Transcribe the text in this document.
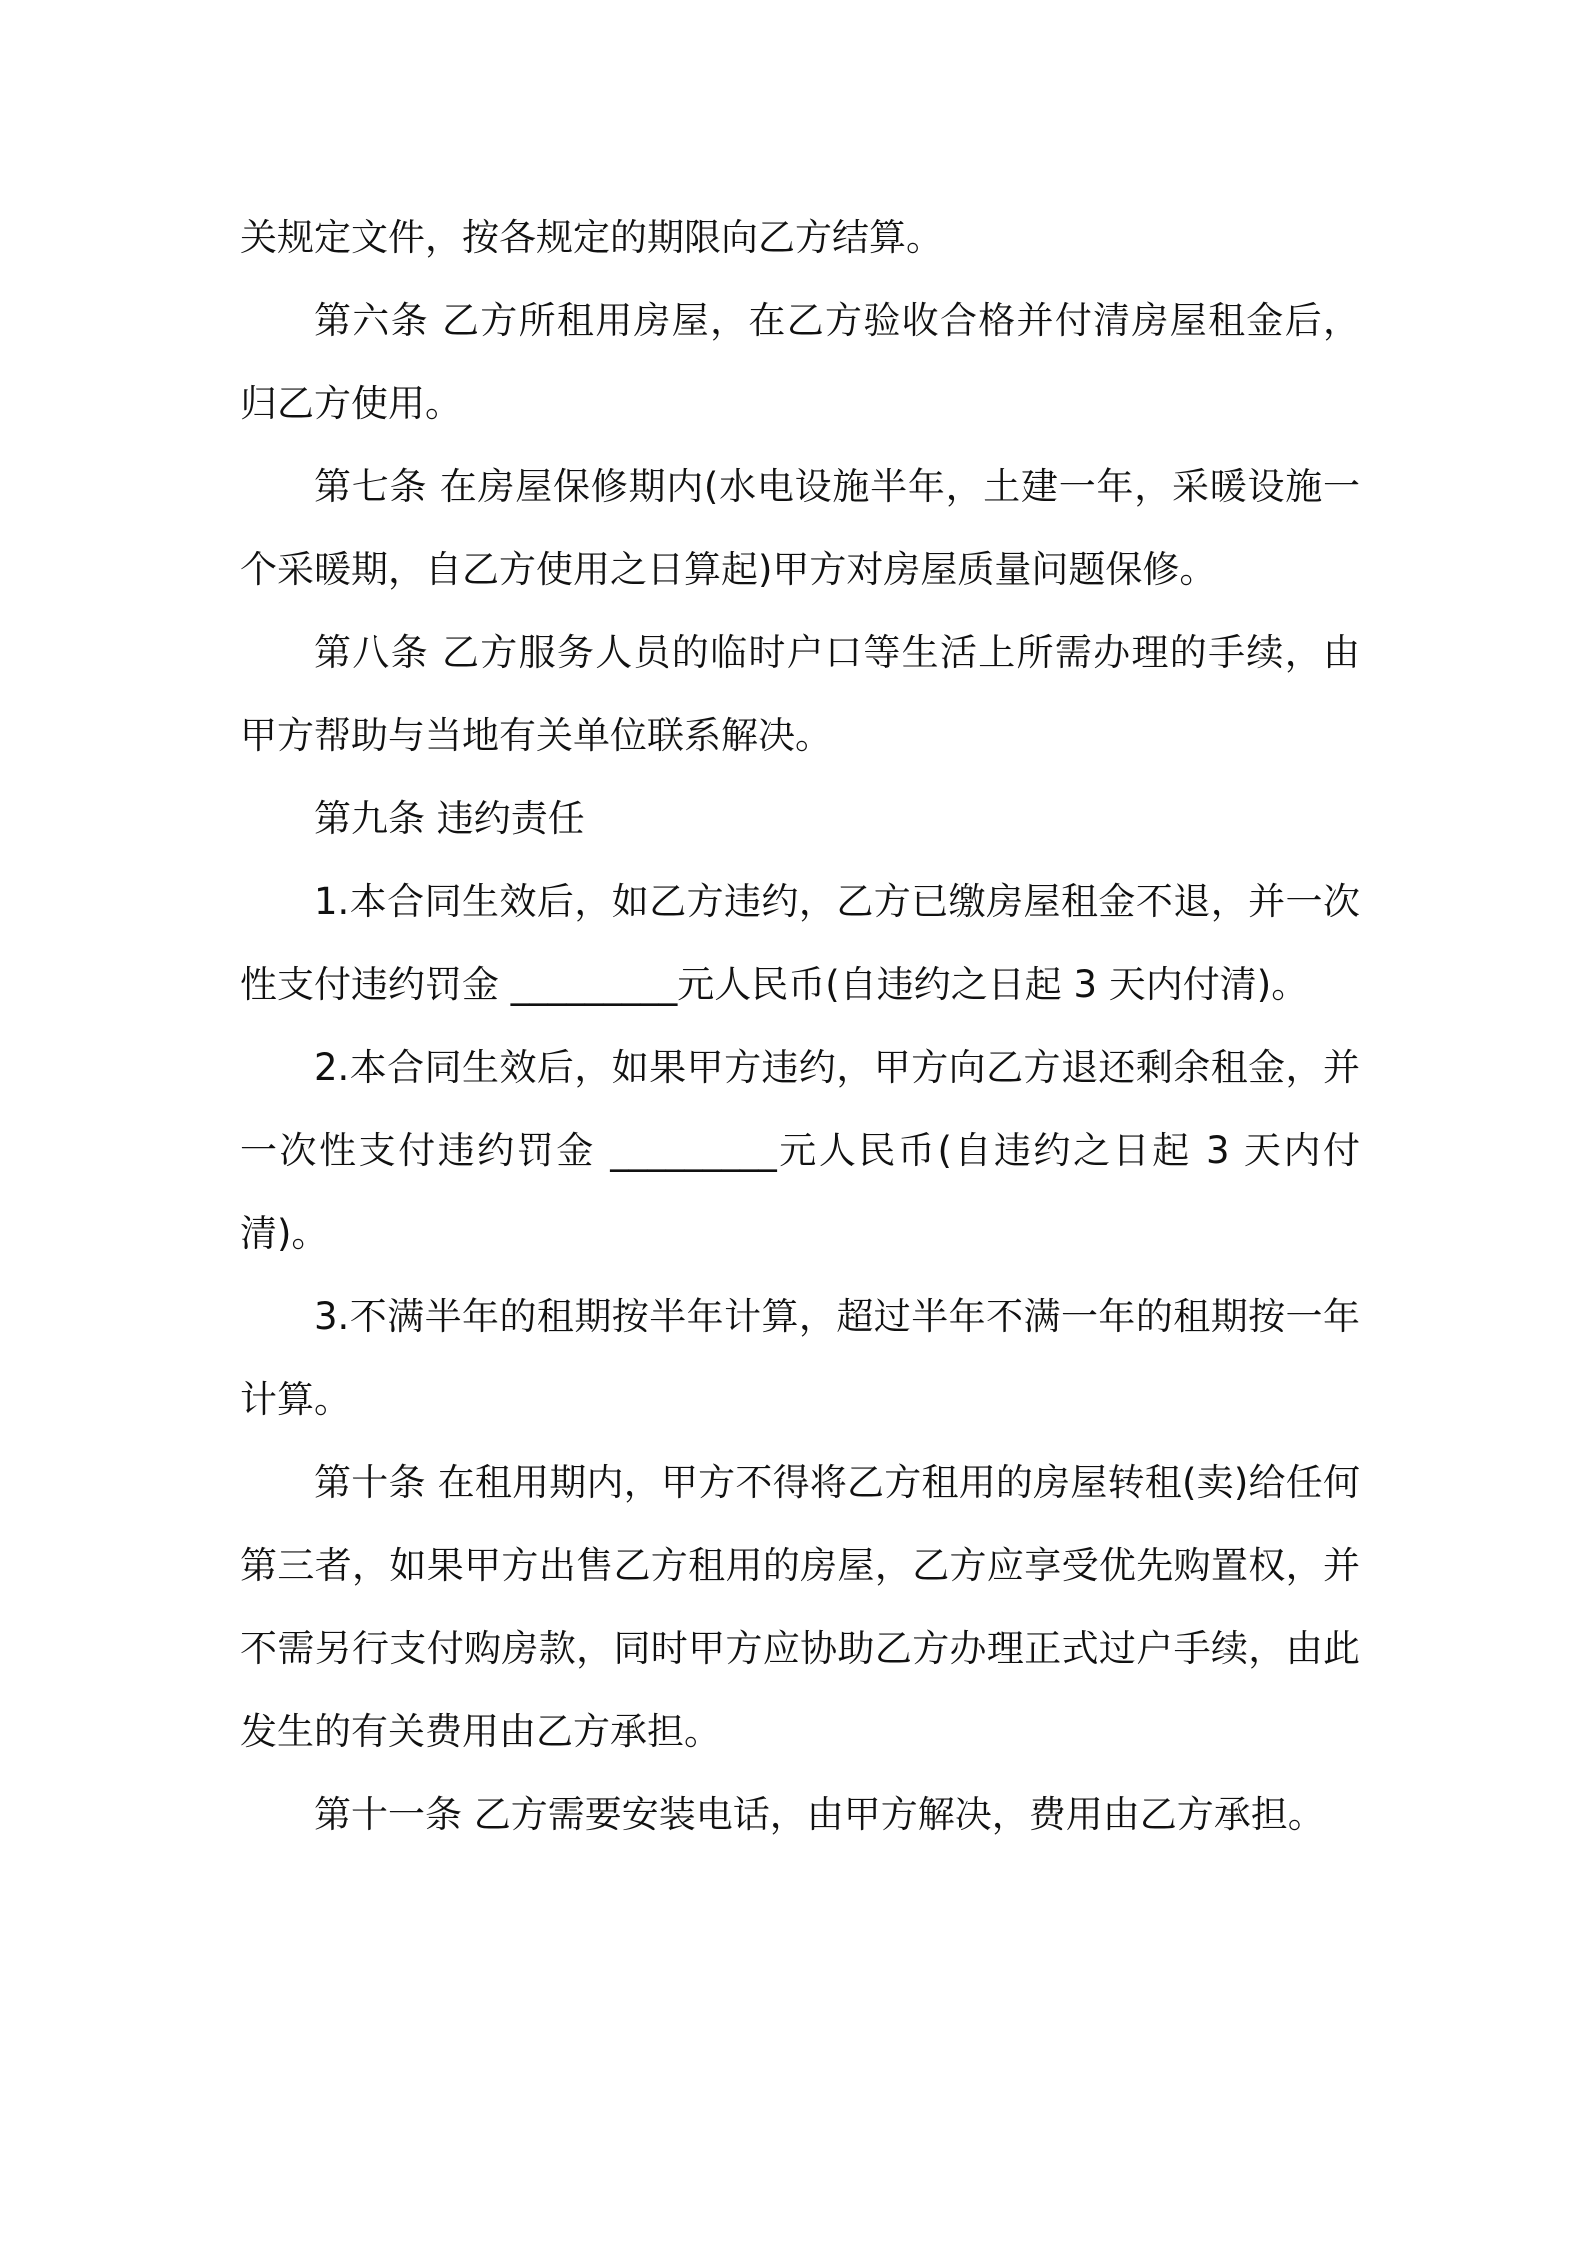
关规定文件，按各规定的期限向乙方结算。

第六条 乙方所租用房屋，在乙方验收合格并付清房屋租金后，归乙方使用。

第七条 在房屋保修期内(水电设施半年，土建一年，采暖设施一个采暖期，自乙方使用之日算起)甲方对房屋质量问题保修。

第八条 乙方服务人员的临时户口等生活上所需办理的手续，由甲方帮助与当地有关单位联系解决。

第九条 违约责任

1.本合同生效后，如乙方违约，乙方已缴房屋租金不退，并一次性支付违约罚金 _________元人民币(自违约之日起 3 天内付清)。

2.本合同生效后，如果甲方违约，甲方向乙方退还剩余租金，并一次性支付违约罚金 _________元人民币(自违约之日起 3 天内付清)。

3.不满半年的租期按半年计算，超过半年不满一年的租期按一年计算。

第十条 在租用期内，甲方不得将乙方租用的房屋转租(卖)给任何第三者，如果甲方出售乙方租用的房屋，乙方应享受优先购置权，并不需另行支付购房款，同时甲方应协助乙方办理正式过户手续，由此发生的有关费用由乙方承担。

第十一条 乙方需要安装电话，由甲方解决，费用由乙方承担。
